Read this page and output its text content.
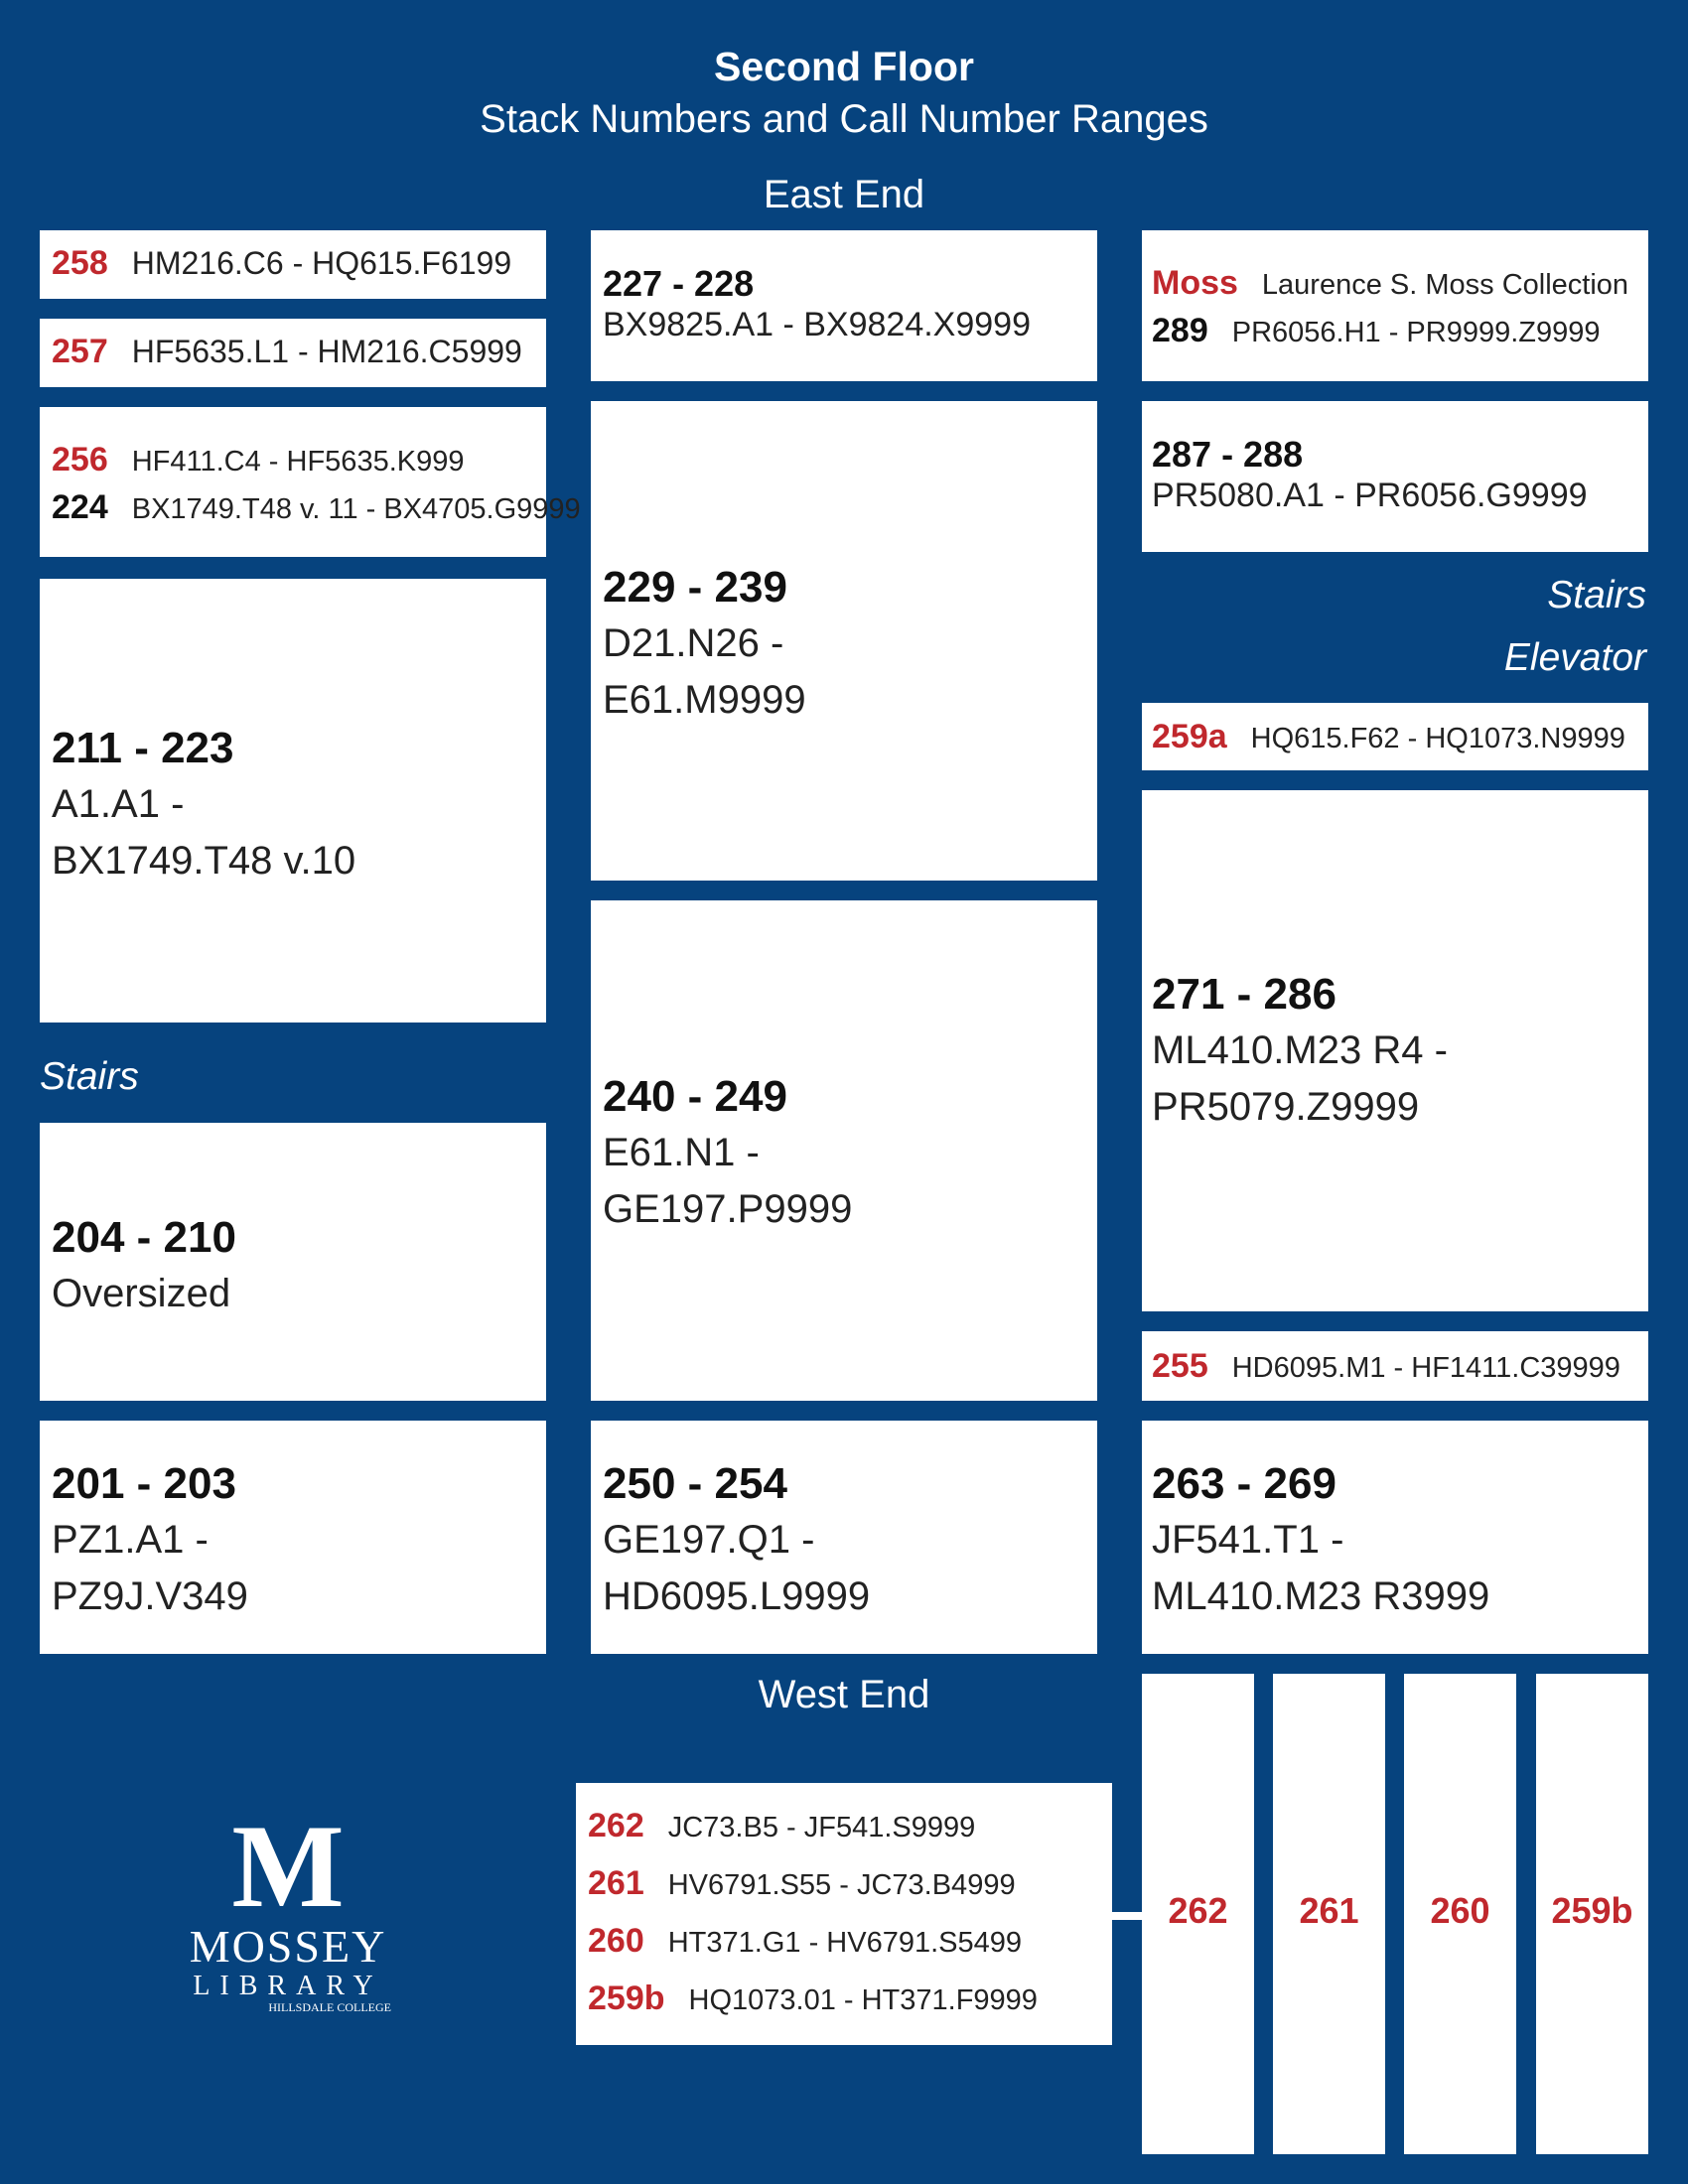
Second Floor
Stack Numbers and Call Number Ranges
East End
West End
258 HM216.C6 - HQ615.F6199
257 HF5635.L1 - HM216.C5999
256 HF411.C4 - HF5635.K999
224 BX1749.T48 v. 11 - BX4705.G9999
211 - 223
A1.A1 -
BX1749.T48 v.10
Stairs
204 - 210
Oversized
201 - 203
PZ1.A1 -
PZ9J.V349
227 - 228
BX9825.A1 - BX9824.X9999
229 - 239
D21.N26 -
E61.M9999
240 - 249
E61.N1 -
GE197.P9999
250 - 254
GE197.Q1 -
HD6095.L9999
Moss Laurence S. Moss Collection
289 PR6056.H1 - PR9999.Z9999
287 - 288
PR5080.A1 - PR6056.G9999
Stairs
Elevator
259a HQ615.F62 - HQ1073.N9999
271 - 286
ML410.M23 R4 -
PR5079.Z9999
255 HD6095.M1 - HF1411.C39999
263 - 269
JF541.T1 -
ML410.M23 R3999
262 JC73.B5 - JF541.S9999
261 HV6791.S55 - JC73.B4999
260 HT371.G1 - HV6791.S5499
259b HQ1073.01 - HT371.F9999
262	261	260	259b
M
MOSSEY
LIBRARY
HILLSDALE COLLEGE
